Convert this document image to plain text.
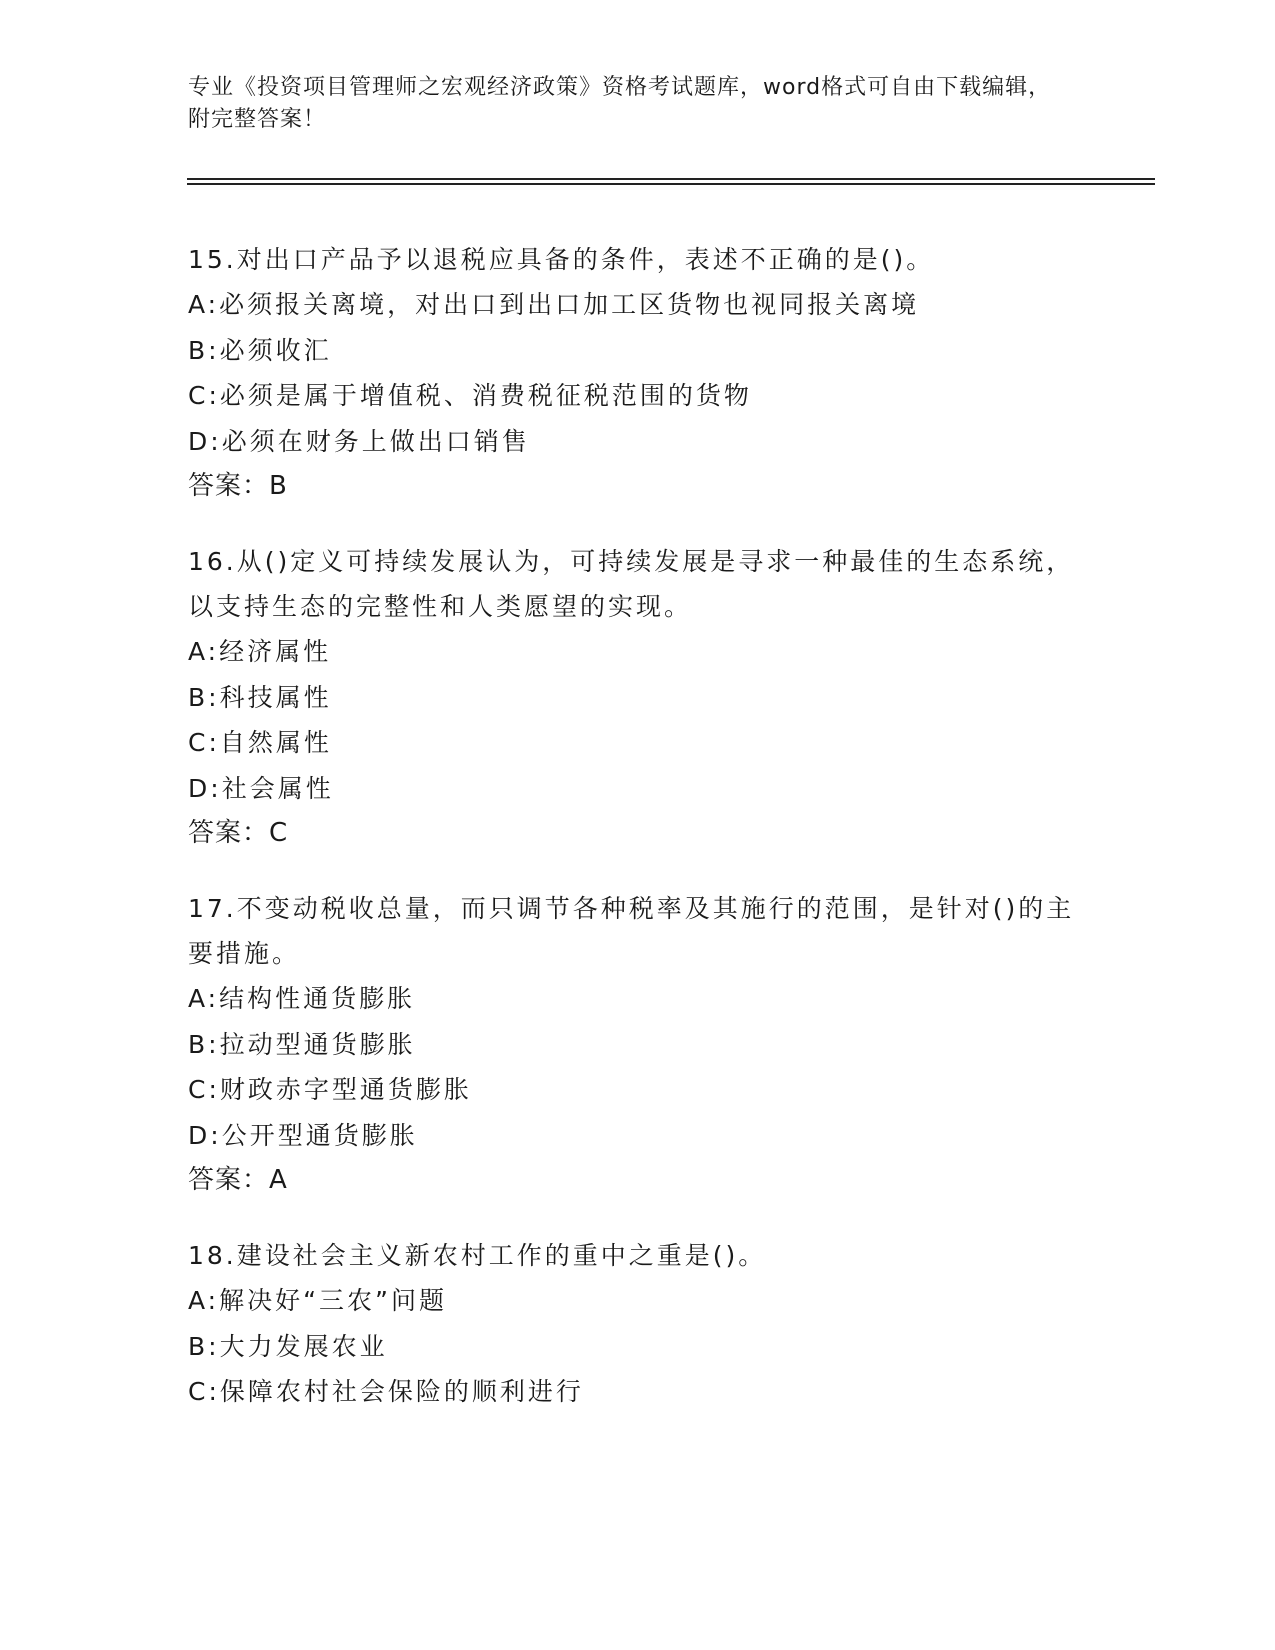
专业《投资项目管理师之宏观经济政策》资格考试题库，word格式可自由下载编辑，附完整答案！
15.对出口产品予以退税应具备的条件，表述不正确的是()。
A:必须报关离境，对出口到出口加工区货物也视同报关离境
B:必须收汇
C:必须是属于增值税、消费税征税范围的货物
D:必须在财务上做出口销售
答案：B
16.从()定义可持续发展认为，可持续发展是寻求一种最佳的生态系统，以支持生态的完整性和人类愿望的实现。
A:经济属性
B:科技属性
C:自然属性
D:社会属性
答案：C
17.不变动税收总量，而只调节各种税率及其施行的范围，是针对()的主要措施。
A:结构性通货膨胀
B:拉动型通货膨胀
C:财政赤字型通货膨胀
D:公开型通货膨胀
答案：A
18.建设社会主义新农村工作的重中之重是()。
A:解决好“三农”问题
B:大力发展农业
C:保障农村社会保险的顺利进行
